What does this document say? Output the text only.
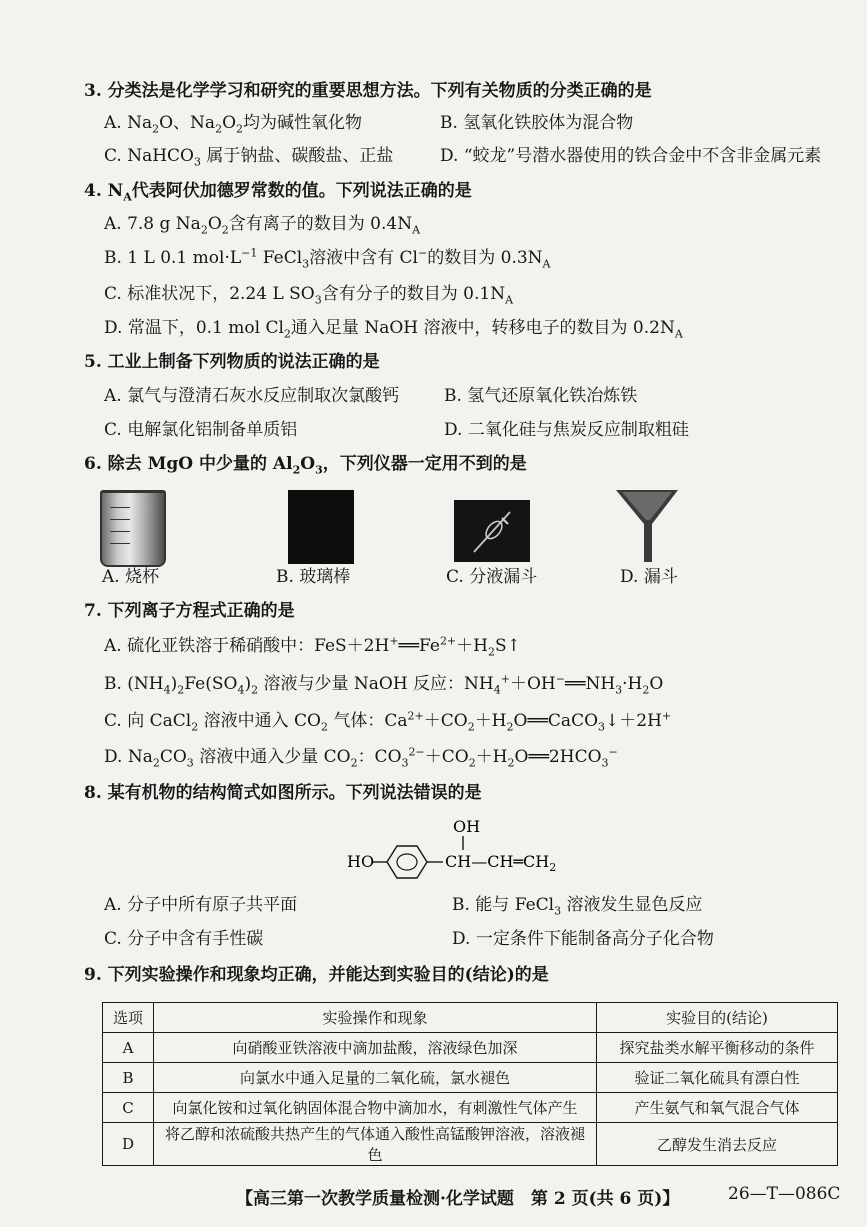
3. 分类法是化学学习和研究的重要思想方法。下列有关物质的分类正确的是
A. $Na_2O$、$Na_2O_2$均为碱性氧化物	B. 氢氧化铁胶体为混合物
C. NaHCO$_3$ 属于钠盐、碳酸盐、正盐	D. “蛟龙”号潜水器使用的铁合金中不含非金属元素
4. $N_A$代表阿伏加德罗常数的值。下列说法正确的是
A. 7.8 g $Na_2O_2$含有离子的数目为 $0.4N_A$
B. 1 L 0.1 $mol\cdot L^{-1}$ FeCl$_3$溶液中含有 Cl−的数目为 $0.3N_A$
C. 标准状况下，2.24 L $SO_3$含有分子的数目为 $0.1N_A$
D. 常温下，0.1 mol $Cl_2$通入足量 NaOH 溶液中，转移电子的数目为 $0.2N_A$
5. 工业上制备下列物质的说法正确的是
A. 氯气与澄清石灰水反应制取次氯酸钙	B. 氢气还原氧化铁冶炼铁
C. 电解氯化铝制备单质铝	D. 二氧化硅与焦炭反应制取粗硅
6. 除去 MgO 中少量的 $Al_2O_3$，下列仪器一定用不到的是
A. 烧杯	B. 玻璃棒	C. 分液漏斗	D. 漏斗
7. 下列离子方程式正确的是
A. 硫化亚铁溶于稀硝酸中：$FeS+2H^+══Fe^{2+}+H_2S↑$
B. $(NH_4)_2Fe(SO_4)_2$ 溶液与少量 NaOH 反应：$NH_4^++OH^-══NH_3\cdot H_2O$
C. 向 CaCl$_2$ 溶液中通入 $CO_2$ 气体：$Ca^{2+}+CO_2+H_2O══CaCO_3↓+2H^+$
D. $Na_2CO_3$ 溶液中通入少量 $CO_2$：$CO_3^{2-}+CO_2+H_2O══2HCO_3^-$
8. 某有机物的结构简式如图所示。下列说法错误的是
OH
HO	$CH—CH═CH_2$
A. 分子中所有原子共平面	B. 能与 FeCl$_3$ 溶液发生显色反应
C. 分子中含有手性碳	D. 一定条件下能制备高分子化合物
9. 下列实验操作和现象均正确，并能达到实验目的(结论)的是
选项	实验操作和现象	实验目的(结论)
A	向硝酸亚铁溶液中滴加盐酸，溶液绿色加深	探究盐类水解平衡移动的条件
B	向氯水中通入足量的二氧化硫，氯水褪色	验证二氧化硫具有漂白性
C	向氯化铵和过氧化钠固体混合物中滴加水，有刺激性气体产生	产生氨气和氧气混合气体
D	将乙醇和浓硫酸共热产生的气体通入酸性高锰酸钾溶液，溶液褪色	乙醇发生消去反应
【高三第一次教学质量检测·化学试题　第 2 页(共 6 页)】	26—T—086C
